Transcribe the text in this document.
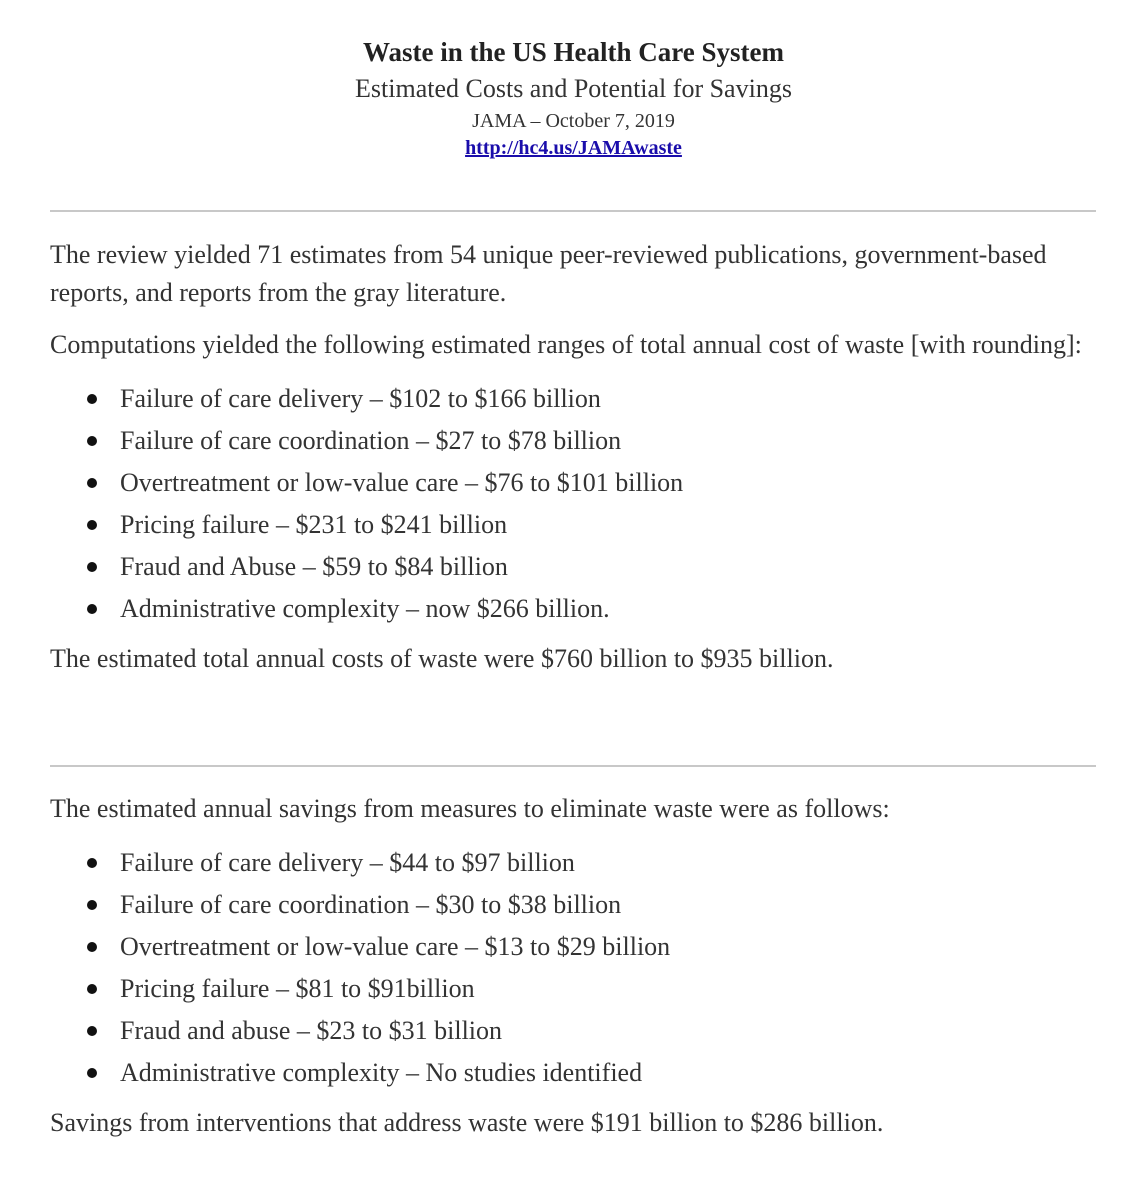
Waste in the US Health Care System
Estimated Costs and Potential for Savings
JAMA – October 7, 2019
http://hc4.us/JAMAwaste

The review yielded 71 estimates from 54 unique peer-reviewed publications, government-based reports, and reports from the gray literature.

Computations yielded the following estimated ranges of total annual cost of waste [with rounding]:

Failure of care delivery – $102 to $166 billion
Failure of care coordination – $27 to $78 billion
Overtreatment or low-value care – $76 to $101 billion
Pricing failure – $231 to $241 billion
Fraud and Abuse – $59 to $84 billion
Administrative complexity – now $266 billion.

The estimated total annual costs of waste were $760 billion to $935 billion.

The estimated annual savings from measures to eliminate waste were as follows:

Failure of care delivery – $44 to $97 billion
Failure of care coordination – $30 to $38 billion
Overtreatment or low-value care – $13 to $29 billion
Pricing failure – $81 to $91billion
Fraud and abuse – $23 to $31 billion
Administrative complexity – No studies identified

Savings from interventions that address waste were $191 billion to $286 billion.
